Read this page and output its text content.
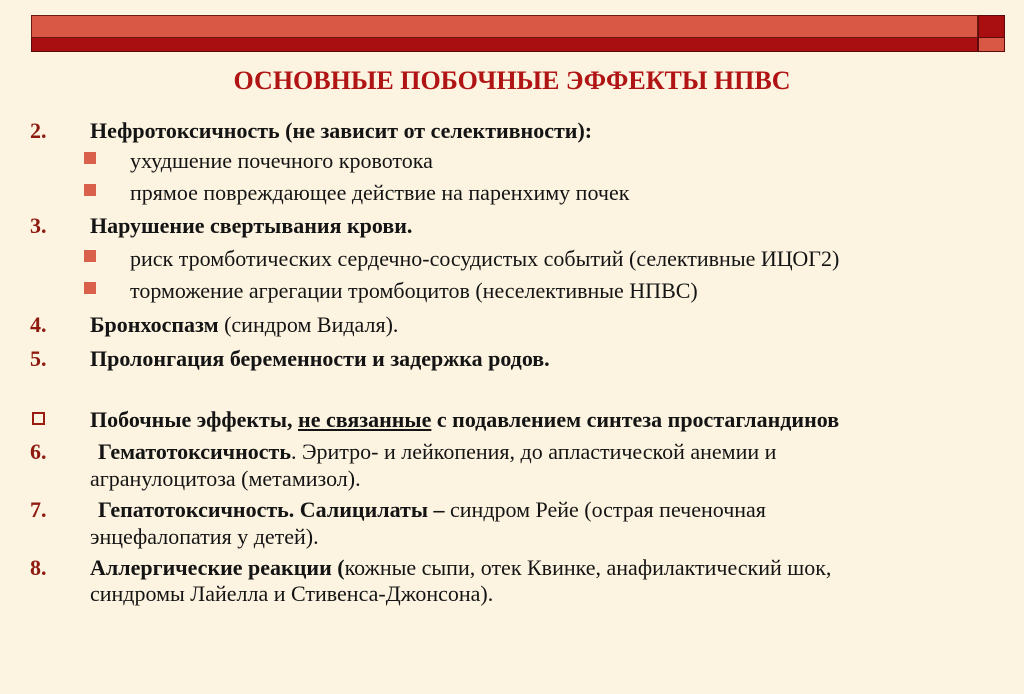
ОСНОВНЫЕ ПОБОЧНЫЕ ЭФФЕКТЫ НПВС
2. Нефротоксичность (не зависит от селективности):
ухудшение почечного кровотока
прямое повреждающее действие на паренхиму почек
3. Нарушение свертывания крови.
риск тромботических сердечно-сосудистых событий (селективные ИЦОГ2)
торможение агрегации тромбоцитов (неселективные НПВС)
4. Бронхоспазм (синдром Видаля).
5. Пролонгация беременности и задержка родов.
Побочные эффекты, не связанные с подавлением синтеза простагландинов
6. Гематотоксичность. Эритро- и лейкопения, до апластической анемии и
агранулоцитоза (метамизол).
7. Гепатотоксичность. Салицилаты – синдром Рейе (острая печеночная
энцефалопатия у детей).
8. Аллергические реакции (кожные сыпи, отек Квинке, анафилактический шок,
синдромы Лайелла и Стивенса-Джонсона).
